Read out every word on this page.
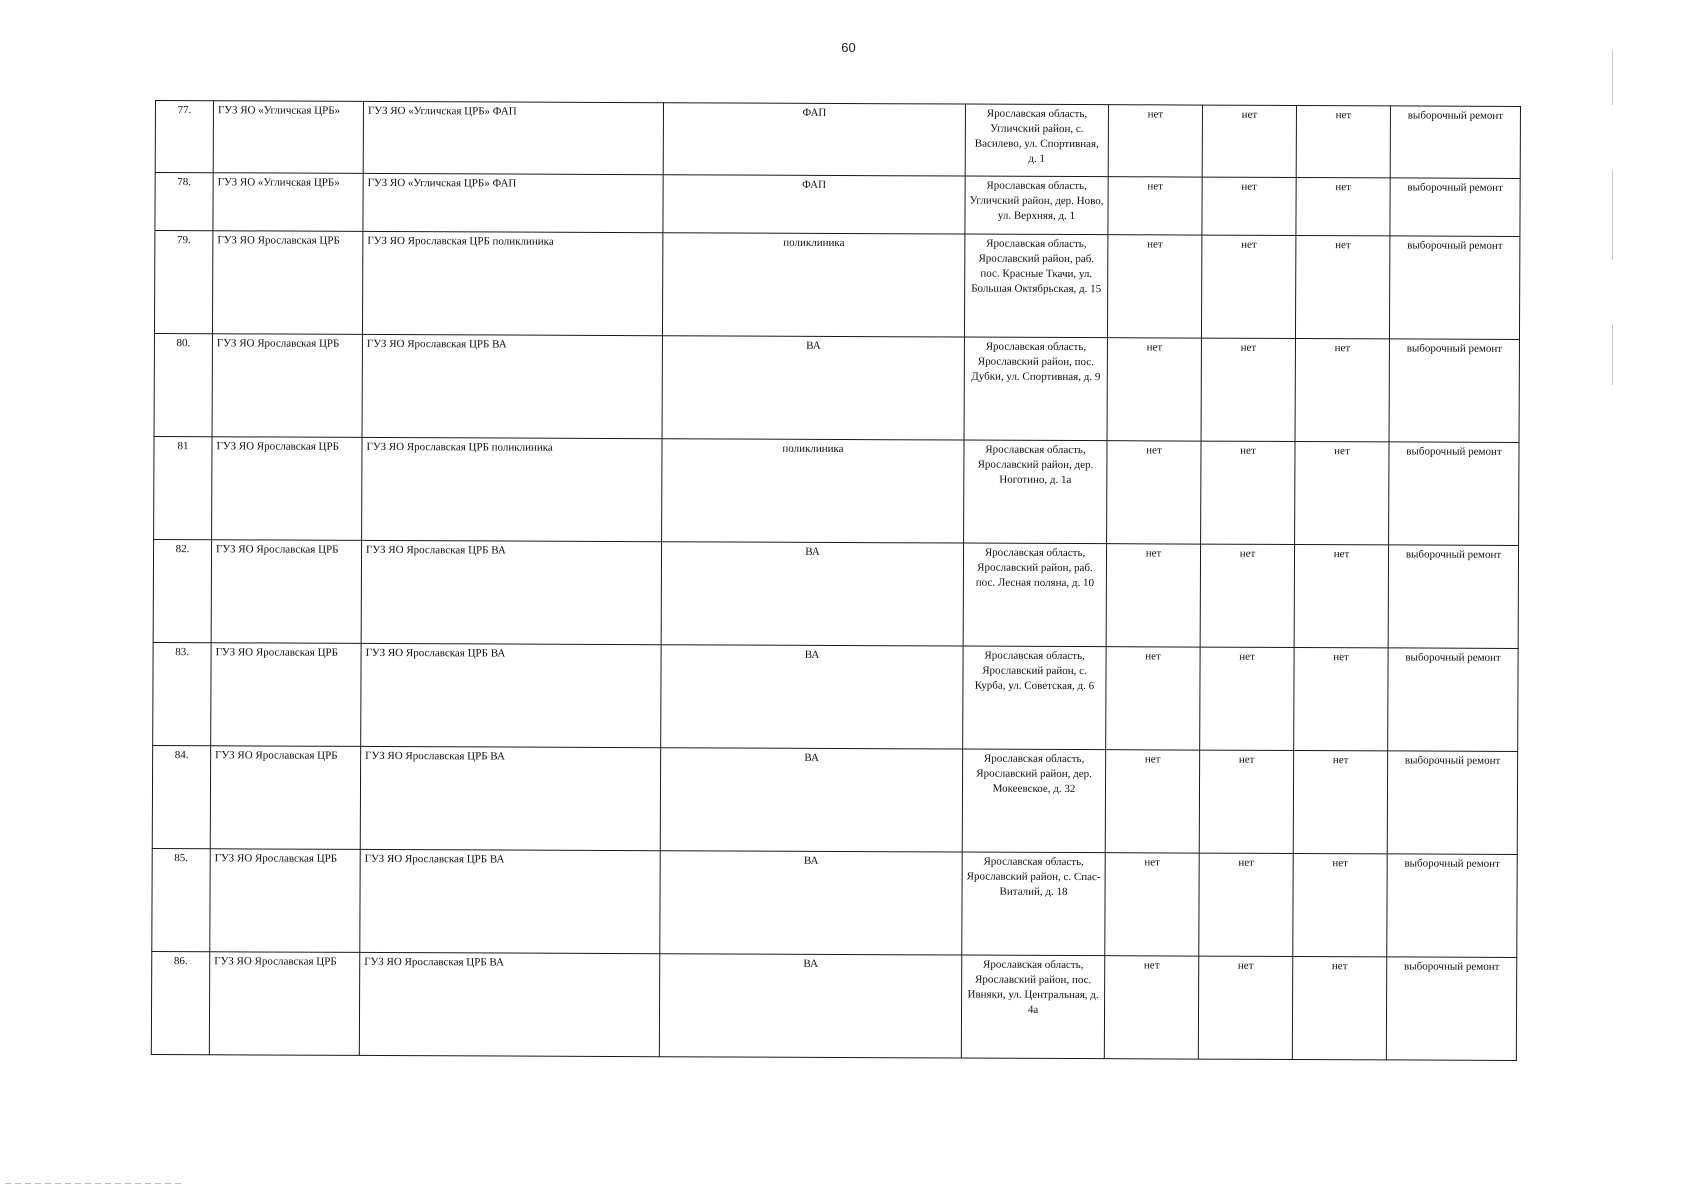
60
77.	ГУЗ ЯО «Угличская ЦРБ»	ГУЗ ЯО «Угличская ЦРБ» ФАП	ФАП	Ярославская область, Угличский район, с. Василево, ул. Спортивная, д. 1	нет	нет	нет	выборочный ремонт
78.	ГУЗ ЯО «Угличская ЦРБ»	ГУЗ ЯО «Угличская ЦРБ» ФАП	ФАП	Ярославская область, Угличский район, дер. Ново, ул. Верхняя, д. 1	нет	нет	нет	выборочный ремонт
79.	ГУЗ ЯО Ярославская ЦРБ	ГУЗ ЯО Ярославская ЦРБ поликлиника	поликлиника	Ярославская область, Ярославский район, раб. пос. Красные Ткачи, ул. Большая Октябрьская, д. 15	нет	нет	нет	выборочный ремонт
80.	ГУЗ ЯО Ярославская ЦРБ	ГУЗ ЯО Ярославская ЦРБ ВА	ВА	Ярославская область, Ярославский район, пос. Дубки, ул. Спортивная, д. 9	нет	нет	нет	выборочный ремонт
81	ГУЗ ЯО Ярославская ЦРБ	ГУЗ ЯО Ярославская ЦРБ поликлиника	поликлиника	Ярославская область, Ярославский район, дер. Ноготино, д. 1а	нет	нет	нет	выборочный ремонт
82.	ГУЗ ЯО Ярославская ЦРБ	ГУЗ ЯО Ярославская ЦРБ ВА	ВА	Ярославская область, Ярославский район, раб. пос. Лесная поляна, д. 10	нет	нет	нет	выборочный ремонт
83.	ГУЗ ЯО Ярославская ЦРБ	ГУЗ ЯО Ярославская ЦРБ ВА	ВА	Ярославская область, Ярославский район, с. Курба, ул. Советская, д. 6	нет	нет	нет	выборочный ремонт
84.	ГУЗ ЯО Ярославская ЦРБ	ГУЗ ЯО Ярославская ЦРБ ВА	ВА	Ярославская область, Ярославский район, дер. Мокеевское, д. 32	нет	нет	нет	выборочный ремонт
85.	ГУЗ ЯО Ярославская ЦРБ	ГУЗ ЯО Ярославская ЦРБ ВА	ВА	Ярославская область, Ярославский район, с. Спас-Виталий, д. 18	нет	нет	нет	выборочный ремонт
86.	ГУЗ ЯО Ярославская ЦРБ	ГУЗ ЯО Ярославская ЦРБ ВА	ВА	Ярославская область, Ярославский район, пос. Ивняки, ул. Центральная, д. 4а	нет	нет	нет	выборочный ремонт
